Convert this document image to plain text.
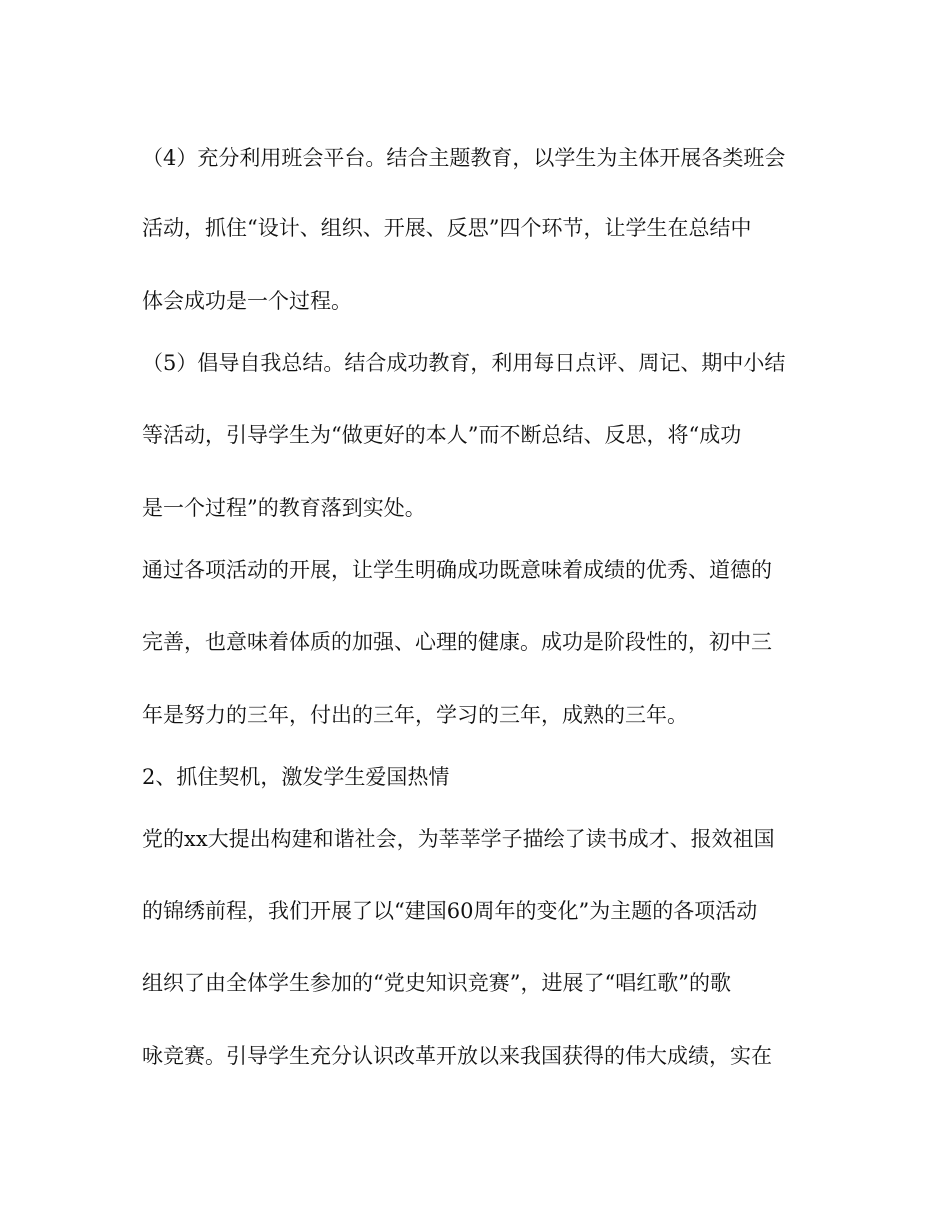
（4）充分利用班会平台。结合主题教育，以学生为主体开展各类班会
活动，抓住“设计、组织、开展、反思”四个环节，让学生在总结中
体会成功是一个过程。
（5）倡导自我总结。结合成功教育，利用每日点评、周记、期中小结
等活动，引导学生为“做更好的本人”而不断总结、反思，将“成功
是一个过程”的教育落到实处。
通过各项活动的开展，让学生明确成功既意味着成绩的优秀、道德的
完善，也意味着体质的加强、心理的健康。成功是阶段性的，初中三
年是努力的三年，付出的三年，学习的三年，成熟的三年。
2、抓住契机，激发学生爱国热情
党的xx大提出构建和谐社会，为莘莘学子描绘了读书成才、报效祖国
的锦绣前程，我们开展了以“建国60周年的变化”为主题的各项活动
组织了由全体学生参加的“党史知识竞赛”，进展了“唱红歌”的歌
咏竞赛。引导学生充分认识改革开放以来我国获得的伟大成绩，实在
